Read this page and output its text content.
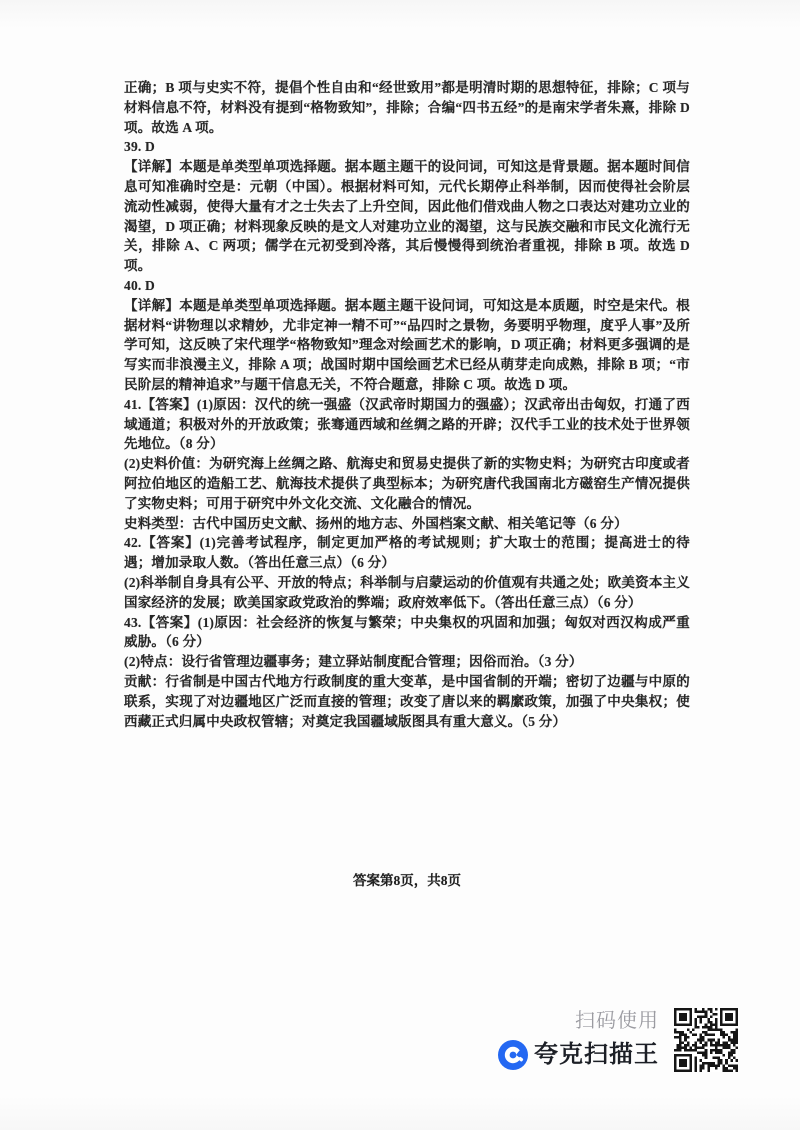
正确；B 项与史实不符，提倡个性自由和“经世致用”都是明清时期的思想特征，排除；C 项与材料信息不符，材料没有提到“格物致知”，排除；合编“四书五经”的是南宋学者朱熹，排除 D 项。故选 A 项。

39. D

【详解】本题是单类型单项选择题。据本题主题干的设问词，可知这是背景题。据本题时间信息可知准确时空是：元朝（中国）。根据材料可知，元代长期停止科举制，因而使得社会阶层流动性减弱，使得大量有才之士失去了上升空间，因此他们借戏曲人物之口表达对建功立业的渴望，D 项正确；材料现象反映的是文人对建功立业的渴望，这与民族交融和市民文化流行无关，排除 A、C 两项；儒学在元初受到冷落，其后慢慢得到统治者重视，排除 B 项。故选 D 项。

40. D

【详解】本题是单类型单项选择题。据本题主题干设问词，可知这是本质题，时空是宋代。根据材料“讲物理以求精妙，尤非定神一精不可”“品四时之景物，务要明乎物理，度乎人事”及所学可知，这反映了宋代理学“格物致知”理念对绘画艺术的影响，D 项正确；材料更多强调的是写实而非浪漫主义，排除 A 项；战国时期中国绘画艺术已经从萌芽走向成熟，排除 B 项；“市民阶层的精神追求”与题干信息无关，不符合题意，排除 C 项。故选 D 项。

41.【答案】(1)原因：汉代的统一强盛（汉武帝时期国力的强盛）；汉武帝出击匈奴，打通了西域通道；积极对外的开放政策；张骞通西域和丝绸之路的开辟；汉代手工业的技术处于世界领先地位。（8 分）

(2)史料价值：为研究海上丝绸之路、航海史和贸易史提供了新的实物史料；为研究古印度或者阿拉伯地区的造船工艺、航海技术提供了典型标本；为研究唐代我国南北方磁窑生产情况提供了实物史料；可用于研究中外文化交流、文化融合的情况。

史料类型：古代中国历史文献、扬州的地方志、外国档案文献、相关笔记等（6 分）

42.【答案】(1)完善考试程序，制定更加严格的考试规则；扩大取士的范围；提高进士的待遇；增加录取人数。（答出任意三点）（6 分）

(2)科举制自身具有公平、开放的特点；科举制与启蒙运动的价值观有共通之处；欧美资本主义国家经济的发展；欧美国家政党政治的弊端；政府效率低下。（答出任意三点）（6 分）

43.【答案】(1)原因：社会经济的恢复与繁荣；中央集权的巩固和加强；匈奴对西汉构成严重威胁。（6 分）

(2)特点：设行省管理边疆事务；建立驿站制度配合管理；因俗而治。（3 分）

贡献：行省制是中国古代地方行政制度的重大变革，是中国省制的开端；密切了边疆与中原的联系，实现了对边疆地区广泛而直接的管理；改变了唐以来的羁縻政策，加强了中央集权；使西藏正式归属中央政权管辖；对奠定我国疆域版图具有重大意义。（5 分）

答案第8页，共8页
扫码使用
夸克扫描王
